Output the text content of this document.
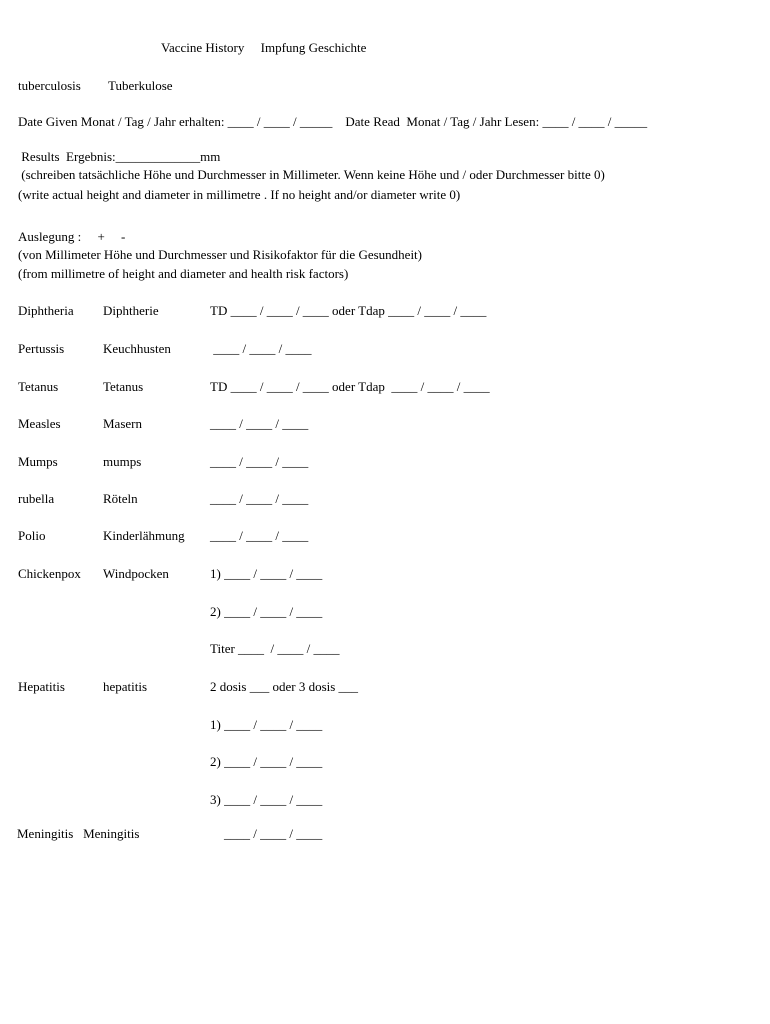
Vaccine History     Impfung Geschichte
tuberculosis Tuberkulose
Date Given Monat / Tag / Jahr erhalten: ____ / ____ / _____    Date Read  Monat / Tag / Jahr Lesen: ____ / ____ / _____
Results  Ergebnis:_____________mm
(schreiben tatsächliche Höhe und Durchmesser in Millimeter. Wenn keine Höhe und / oder Durchmesser bitte 0)
(write actual height and diameter in millimetre . If no height and/or diameter write 0)
Auslegung :     +     -
(von Millimeter Höhe und Durchmesser und Risikofaktor für die Gesundheit)
(from millimetre of height and diameter and health risk factors)
Diphtheria Diphtherie	TD ____ / ____ / ____ oder Tdap ____ / ____ / ____
Pertussis	Keuchhusten	____ / ____ / ____
Tetanus	Tetanus	TD ____ / ____ / ____ oder Tdap  ____ / ____ / ____
Measles	Masern	____ / ____ / ____
Mumps	mumps	____ / ____ / ____
rubella	Röteln	____ / ____ / ____
Polio	Kinderlähmung ____ / ____ / ____
Chickenpox Windpocken	1) ____ / ____ / ____
2) ____ / ____ / ____
Titer ____  / ____ / ____
Hepatitis	hepatitis	2 dosis ___ oder 3 dosis ___
1) ____ / ____ / ____
2) ____ / ____ / ____
3) ____ / ____ / ____
Meningitis   Meningitis	____ / ____ / ____
